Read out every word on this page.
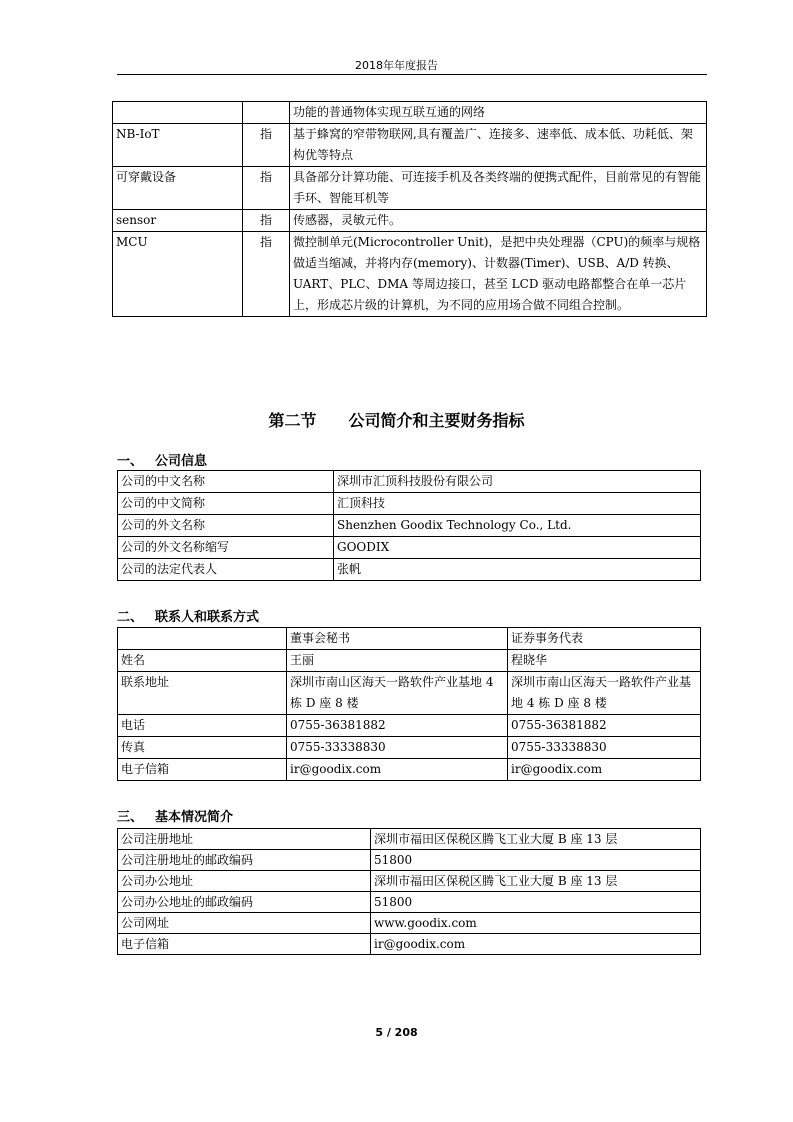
2018年年度报告
		功能的普通物体实现互联互通的网络
NB-IoT	指	基于蜂窝的窄带物联网,具有覆盖广、连接多、速率低、成本低、功耗低、架构优等特点
可穿戴设备	指	具备部分计算功能、可连接手机及各类终端的便携式配件，目前常见的有智能手环、智能耳机等
sensor	指	传感器，灵敏元件。
MCU	指	微控制单元(Microcontroller Unit)，是把中央处理器（CPU)的频率与规格做适当缩减，并将内存(memory)、计数器(Timer)、USB、A/D 转换、UART、PLC、DMA 等周边接口，甚至 LCD 驱动电路都整合在单一芯片上，形成芯片级的计算机，为不同的应用场合做不同组合控制。
第二节　　公司简介和主要财务指标
一、 公司信息
公司的中文名称	深圳市汇顶科技股份有限公司
公司的中文简称	汇顶科技
公司的外文名称	Shenzhen Goodix Technology Co., Ltd.
公司的外文名称缩写	GOODIX
公司的法定代表人	张帆
二、 联系人和联系方式
	董事会秘书	证券事务代表
姓名	王丽	程晓华
联系地址	深圳市南山区海天一路软件产业基地 4 栋 D 座 8 楼	深圳市南山区海天一路软件产业基地 4 栋 D 座 8 楼
电话	0755-36381882	0755-36381882
传真	0755-33338830	0755-33338830
电子信箱	ir@goodix.com	ir@goodix.com
三、 基本情况简介
公司注册地址	深圳市福田区保税区腾飞工业大厦 B 座 13 层
公司注册地址的邮政编码	51800
公司办公地址	深圳市福田区保税区腾飞工业大厦 B 座 13 层
公司办公地址的邮政编码	51800
公司网址	www.goodix.com
电子信箱	ir@goodix.com
5 / 208
